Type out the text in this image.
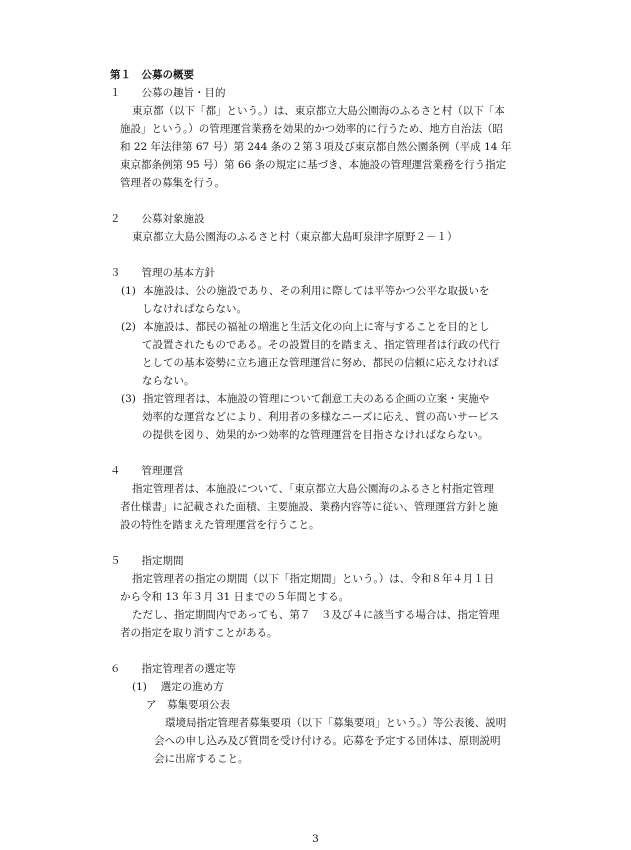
第１　公募の概要
１　　公募の趣旨・目的
東京都（以下「都」という。）は、東京都立大島公園海のふるさと村（以下「本
施設」という。）の管理運営業務を効果的かつ効率的に行うため、地方自治法（昭
和 22 年法律第 67 号）第 244 条の２第３項及び東京都自然公園条例（平成 14 年
東京都条例第 95 号）第 66 条の規定に基づき、本施設の管理運営業務を行う指定
管理者の募集を行う。
２　　公募対象施設
東京都立大島公園海のふるさと村（東京都大島町泉津字原野２－１）
３　　管理の基本方針
(1) 本施設は、公の施設であり、その利用に際しては平等かつ公平な取扱いを
しなければならない。
(2) 本施設は、都民の福祉の増進と生活文化の向上に寄与することを目的とし
て設置されたものである。その設置目的を踏まえ、指定管理者は行政の代行
としての基本姿勢に立ち適正な管理運営に努め、都民の信頼に応えなければ
ならない。
(3) 指定管理者は、本施設の管理について創意工夫のある企画の立案・実施や
効率的な運営などにより、利用者の多様なニーズに応え、質の高いサービス
の提供を図り、効果的かつ効率的な管理運営を目指さなければならない。
４　　管理運営
指定管理者は、本施設について、「東京都立大島公園海のふるさと村指定管理
者仕様書」に記載された面積、主要施設、業務内容等に従い、管理運営方針と施
設の特性を踏まえた管理運営を行うこと。
５　　指定期間
指定管理者の指定の期間（以下「指定期間」という。）は、令和８年４月１日
から令和 13 年３月 31 日までの５年間とする。
ただし、指定期間内であっても、第７　３及び４に該当する場合は、指定管理
者の指定を取り消すことがある。
６　　指定管理者の選定等
(1)　 選定の進め方
ア　募集要項公表
環境局指定管理者募集要項（以下「募集要項」という。）等公表後、説明
会への申し込み及び質問を受け付ける。応募を予定する団体は、原則説明
会に出席すること。
3
